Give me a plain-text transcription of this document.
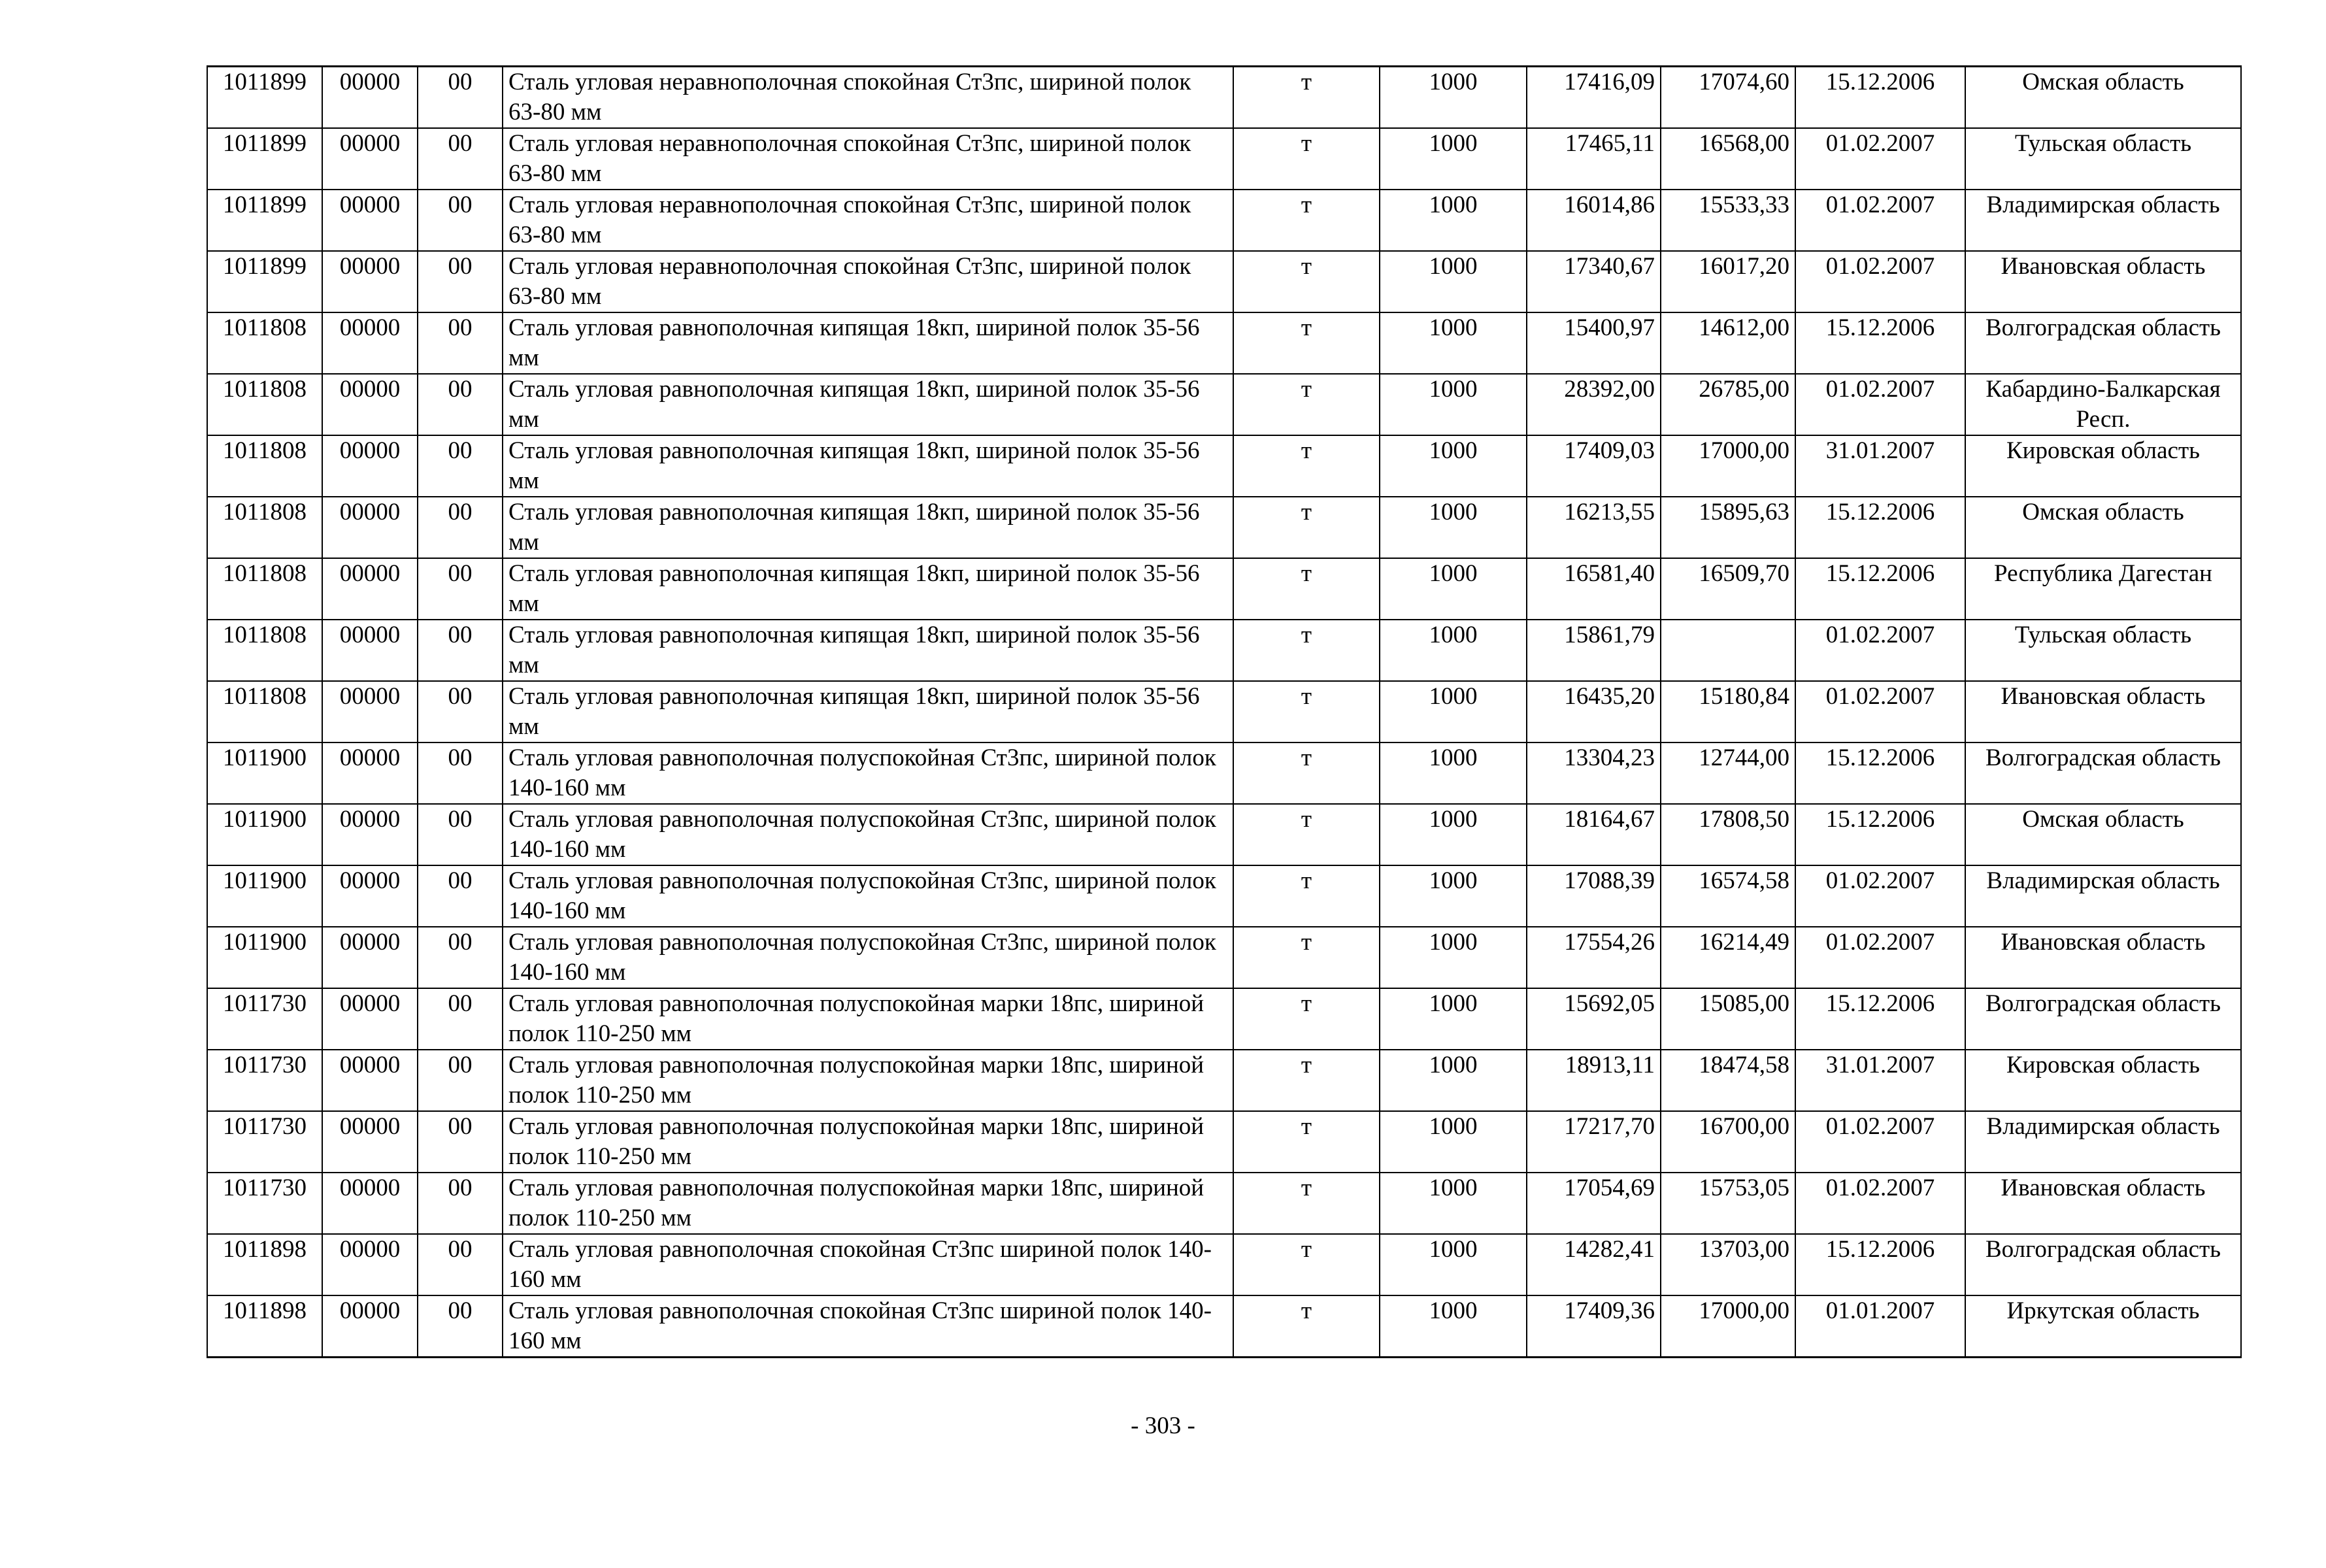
1011899	00000	00	Сталь угловая неравнополочная спокойная Ст3пс, шириной полок 63-80 мм	т	1000	17416,09	17074,60	15.12.2006	Омская область
1011899	00000	00	Сталь угловая неравнополочная спокойная Ст3пс, шириной полок 63-80 мм	т	1000	17465,11	16568,00	01.02.2007	Тульская область
1011899	00000	00	Сталь угловая неравнополочная спокойная Ст3пс, шириной полок 63-80 мм	т	1000	16014,86	15533,33	01.02.2007	Владимирская область
1011899	00000	00	Сталь угловая неравнополочная спокойная Ст3пс, шириной полок 63-80 мм	т	1000	17340,67	16017,20	01.02.2007	Ивановская область
1011808	00000	00	Сталь угловая равнополочная кипящая 18кп, шириной полок 35-56 мм	т	1000	15400,97	14612,00	15.12.2006	Волгоградская область
1011808	00000	00	Сталь угловая равнополочная кипящая 18кп, шириной полок 35-56 мм	т	1000	28392,00	26785,00	01.02.2007	Кабардино-Балкарская Респ.
1011808	00000	00	Сталь угловая равнополочная кипящая 18кп, шириной полок 35-56 мм	т	1000	17409,03	17000,00	31.01.2007	Кировская область
1011808	00000	00	Сталь угловая равнополочная кипящая 18кп, шириной полок 35-56 мм	т	1000	16213,55	15895,63	15.12.2006	Омская область
1011808	00000	00	Сталь угловая равнополочная кипящая 18кп, шириной полок 35-56 мм	т	1000	16581,40	16509,70	15.12.2006	Республика Дагестан
1011808	00000	00	Сталь угловая равнополочная кипящая 18кп, шириной полок 35-56 мм	т	1000	15861,79		01.02.2007	Тульская область
1011808	00000	00	Сталь угловая равнополочная кипящая 18кп, шириной полок 35-56 мм	т	1000	16435,20	15180,84	01.02.2007	Ивановская область
1011900	00000	00	Сталь угловая равнополочная полуспокойная Ст3пс, шириной полок 140-160 мм	т	1000	13304,23	12744,00	15.12.2006	Волгоградская область
1011900	00000	00	Сталь угловая равнополочная полуспокойная Ст3пс, шириной полок 140-160 мм	т	1000	18164,67	17808,50	15.12.2006	Омская область
1011900	00000	00	Сталь угловая равнополочная полуспокойная Ст3пс, шириной полок 140-160 мм	т	1000	17088,39	16574,58	01.02.2007	Владимирская область
1011900	00000	00	Сталь угловая равнополочная полуспокойная Ст3пс, шириной полок 140-160 мм	т	1000	17554,26	16214,49	01.02.2007	Ивановская область
1011730	00000	00	Сталь угловая равнополочная полуспокойная марки 18пс, шириной полок 110-250 мм	т	1000	15692,05	15085,00	15.12.2006	Волгоградская область
1011730	00000	00	Сталь угловая равнополочная полуспокойная марки 18пс, шириной полок 110-250 мм	т	1000	18913,11	18474,58	31.01.2007	Кировская область
1011730	00000	00	Сталь угловая равнополочная полуспокойная марки 18пс, шириной полок 110-250 мм	т	1000	17217,70	16700,00	01.02.2007	Владимирская область
1011730	00000	00	Сталь угловая равнополочная полуспокойная марки 18пс, шириной полок 110-250 мм	т	1000	17054,69	15753,05	01.02.2007	Ивановская область
1011898	00000	00	Сталь угловая равнополочная спокойная Ст3пс шириной полок 140-160 мм	т	1000	14282,41	13703,00	15.12.2006	Волгоградская область
1011898	00000	00	Сталь угловая равнополочная спокойная Ст3пс шириной полок 140-160 мм	т	1000	17409,36	17000,00	01.01.2007	Иркутская область
- 303 -
